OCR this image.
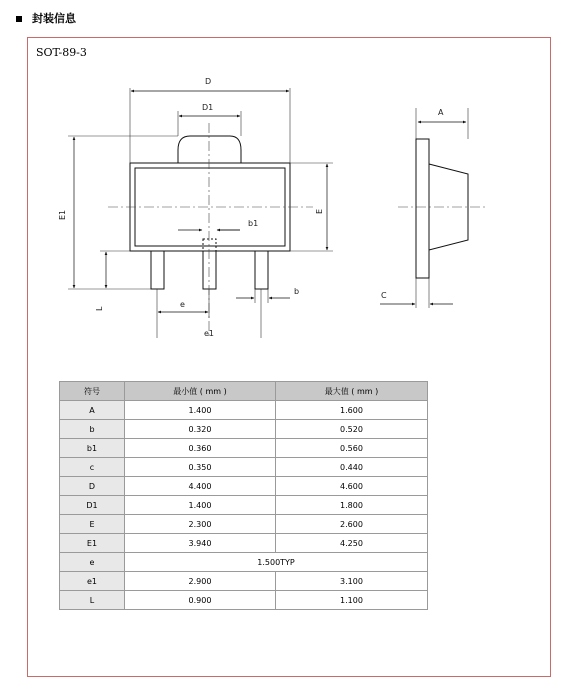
封装信息
SOT-89-3
D
D1
E1	E
b1
b
L	e
e1
A
C
符号	最小值 ( mm )	最大值 ( mm )
A	1.400	1.600
b	0.320	0.520
b1	0.360	0.560
c	0.350	0.440
D	4.400	4.600
D1	1.400	1.800
E	2.300	2.600
E1	3.940	4.250
e	1.500TYP	
e1	2.900	3.100
L	0.900	1.100
